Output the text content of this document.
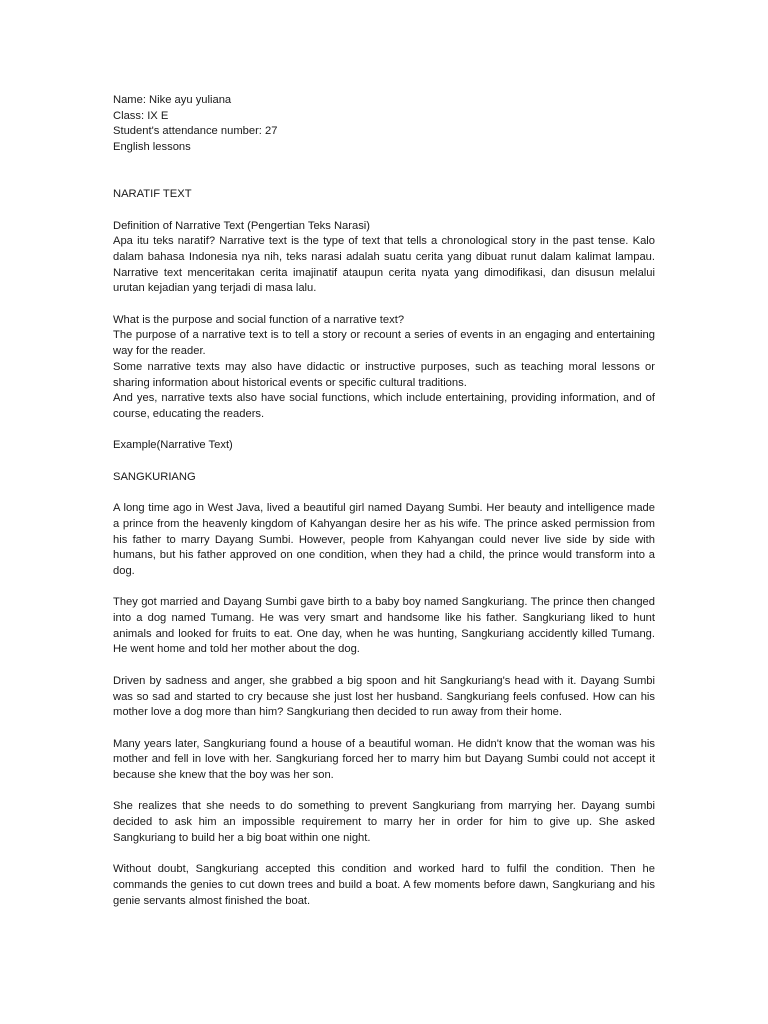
Name: Nike ayu yuliana

Class: IX E

Student's attendance number: 27

English lessons

NARATIF TEXT

Definition of Narrative Text (Pengertian Teks Narasi)

Apa itu teks naratif? Narrative text is the type of text that tells a chronological story in the past tense. Kalo dalam bahasa Indonesia nya nih, teks narasi adalah suatu cerita yang dibuat runut dalam kalimat lampau. Narrative text menceritakan cerita imajinatif ataupun cerita nyata yang dimodifikasi, dan disusun melalui urutan kejadian yang terjadi di masa lalu.

What is the purpose and social function of a narrative text?

The purpose of a narrative text is to tell a story or recount a series of events in an engaging and entertaining way for the reader.

Some narrative texts may also have didactic or instructive purposes, such as teaching moral lessons or sharing information about historical events or specific cultural traditions.

And yes, narrative texts also have social functions, which include entertaining, providing information, and of course, educating the readers.

Example(Narrative Text)

SANGKURIANG

A long time ago in West Java, lived a beautiful girl named Dayang Sumbi. Her beauty and intelligence made a prince from the heavenly kingdom of Kahyangan desire her as his wife. The prince asked permission from his father to marry Dayang Sumbi. However, people from Kahyangan could never live side by side with humans, but his father approved on one condition, when they had a child, the prince would transform into a dog.

They got married and Dayang Sumbi gave birth to a baby boy named Sangkuriang. The prince then changed into a dog named Tumang. He was very smart and handsome like his father. Sangkuriang liked to hunt animals and looked for fruits to eat. One day, when he was hunting, Sangkuriang accidently killed Tumang. He went home and told her mother about the dog.

Driven by sadness and anger, she grabbed a big spoon and hit Sangkuriang's head with it. Dayang Sumbi was so sad and started to cry because she just lost her husband. Sangkuriang feels confused. How can his mother love a dog more than him? Sangkuriang then decided to run away from their home.

Many years later, Sangkuriang found a house of a beautiful woman. He didn't know that the woman was his mother and fell in love with her. Sangkuriang forced her to marry him but Dayang Sumbi could not accept it because she knew that the boy was her son.

She realizes that she needs to do something to prevent Sangkuriang from marrying her. Dayang sumbi decided to ask him an impossible requirement to marry her in order for him to give up. She asked Sangkuriang to build her a big boat within one night.

Without doubt, Sangkuriang accepted this condition and worked hard to fulfil the condition. Then he commands the genies to cut down trees and build a boat. A few moments before dawn, Sangkuriang and his genie servants almost finished the boat.
